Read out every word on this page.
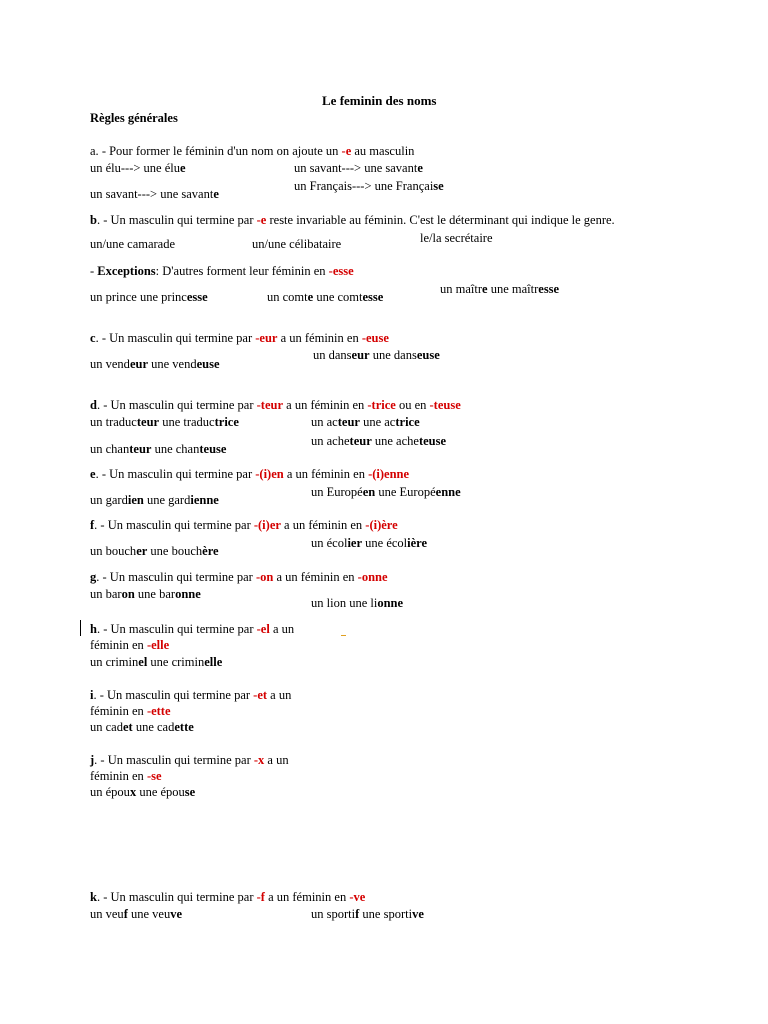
Le feminin des noms
Règles générales
a. - Pour former le féminin d'un nom on ajoute un -e au masculin
un élu---> une élue	un savant---> une savante
un savant---> une savante
un Français---> une Française
b. - Un masculin qui termine par -e reste invariable au féminin. C'est le déterminant qui indique le genre.
un/une camarade	un/une célibataire	le/la secrétaire
- Exceptions: D'autres forment leur féminin en -esse
un prince une princesse	un comte une comtesse
un maître une maîtresse
c. - Un masculin qui termine par -eur a un féminin en -euse
un vendeur une vendeuse
un danseur une danseuse
d. - Un masculin qui termine par -teur a un féminin en -trice ou en -teuse
un traducteur une traductrice	un acteur une actrice
un chanteur une chanteuse
un acheteur une acheteuse
e. - Un masculin qui termine par -(i)en a un féminin en -(i)enne
un gardien une gardienne
un Européen une Européenne
f. - Un masculin qui termine par -(i)er a un féminin en -(i)ère
un boucher une bouchère
un écolier une écolière
g. - Un masculin qui termine par -on a un féminin en -onne
un baron une baronne
un lion une lionne
h. - Un masculin qui termine par -el a un
féminin en -elle
un criminel une criminelle
i. - Un masculin qui termine par -et a un
féminin en -ette
un cadet une cadette
j. - Un masculin qui termine par -x a un
féminin en -se
un époux une épouse
k. - Un masculin qui termine par -f a un féminin en -ve
un veuf une veuve	un sportif une sportive
